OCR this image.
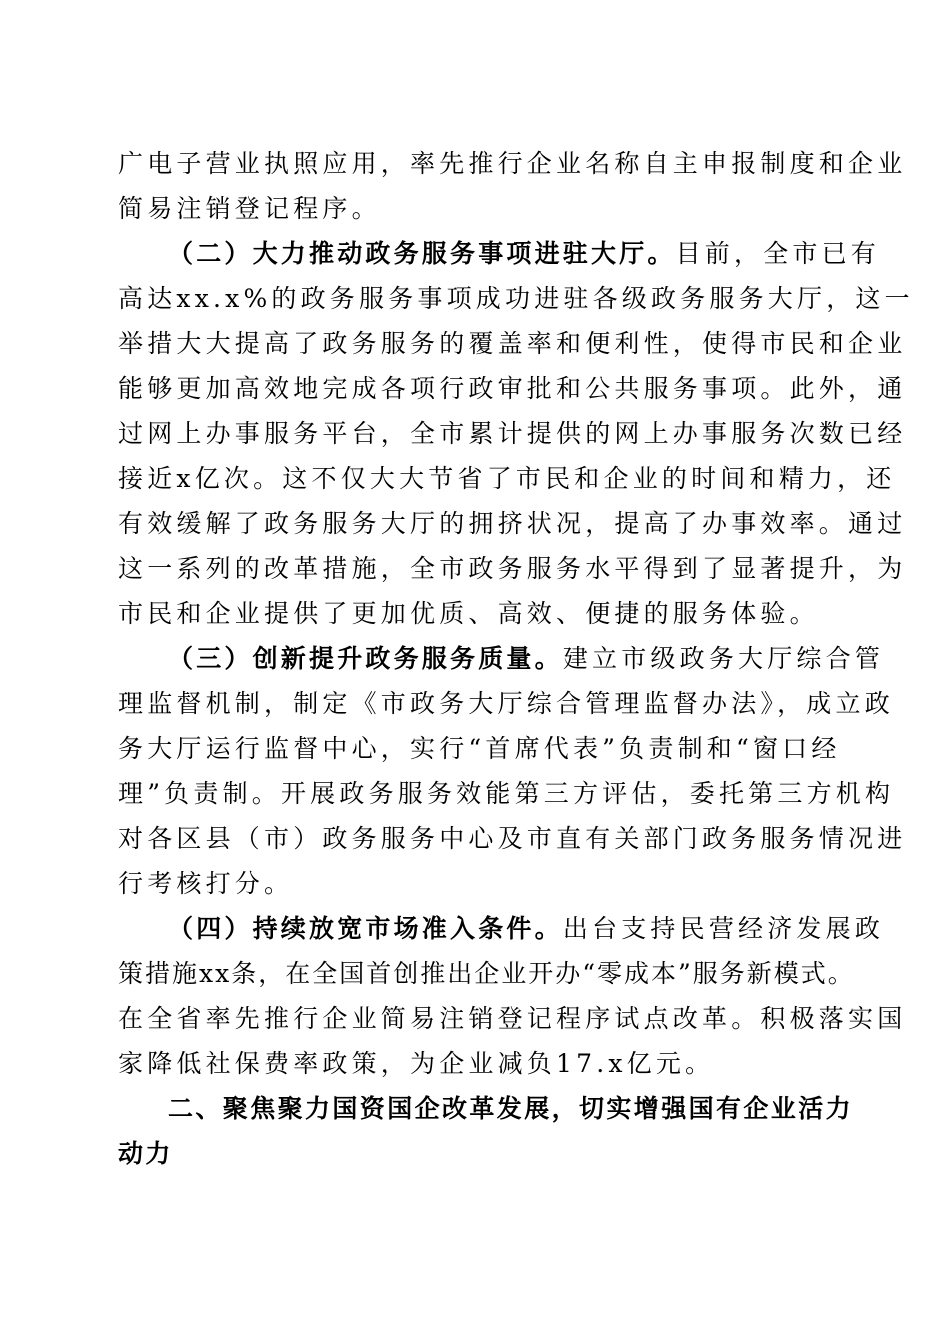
广电子营业执照应用，率先推行企业名称自主申报制度和企业
简易注销登记程序。
（二）大力推动政务服务事项进驻大厅。目前，全市已有
高达xx.x%的政务服务事项成功进驻各级政务服务大厅，这一
举措大大提高了政务服务的覆盖率和便利性，使得市民和企业
能够更加高效地完成各项行政审批和公共服务事项。此外，通
过网上办事服务平台，全市累计提供的网上办事服务次数已经
接近x亿次。这不仅大大节省了市民和企业的时间和精力，还
有效缓解了政务服务大厅的拥挤状况，提高了办事效率。通过
这一系列的改革措施，全市政务服务水平得到了显著提升，为
市民和企业提供了更加优质、高效、便捷的服务体验。
（三）创新提升政务服务质量。建立市级政务大厅综合管
理监督机制，制定《市政务大厅综合管理监督办法》，成立政
务大厅运行监督中心，实行“首席代表”负责制和“窗口经
理”负责制。开展政务服务效能第三方评估，委托第三方机构
对各区县（市）政务服务中心及市直有关部门政务服务情况进
行考核打分。
（四）持续放宽市场准入条件。出台支持民营经济发展政
策措施xx条，在全国首创推出企业开办“零成本”服务新模式。
在全省率先推行企业简易注销登记程序试点改革。积极落实国
家降低社保费率政策，为企业减负17.x亿元。
二、聚焦聚力国资国企改革发展，切实增强国有企业活力
动力
